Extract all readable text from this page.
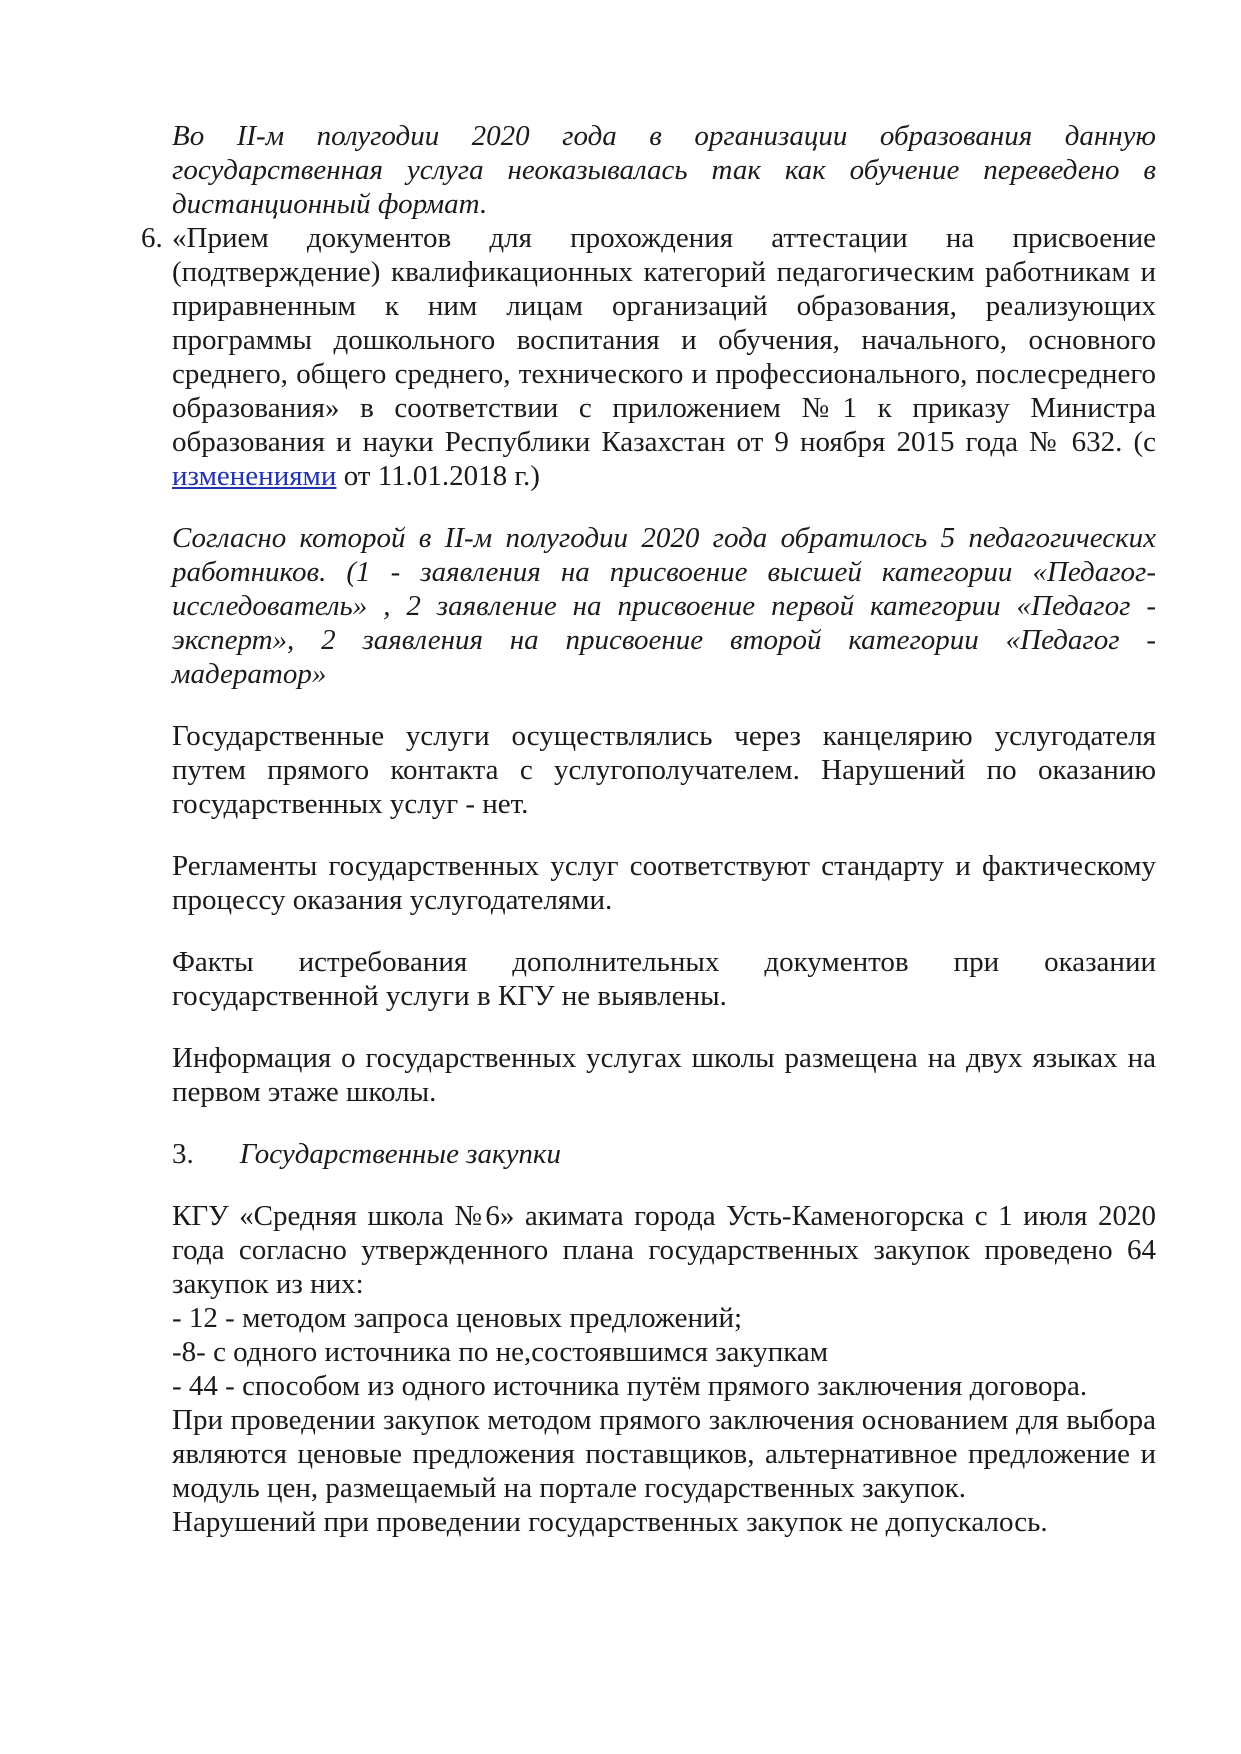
Во II-м полугодии 2020 года в организации образования данную государственная услуга неоказывалась так как обучение переведено в дистанционный формат.

6. «Прием документов для прохождения аттестации на присвоение (подтверждение) квалификационных категорий педагогическим работникам и приравненным к ним лицам организаций образования, реализующих программы дошкольного воспитания и обучения, начального, основного среднего, общего среднего, технического и профессионального, послесреднего образования» в соответствии с приложением №1 к приказу Министра образования и науки Республики Казахстан от 9 ноября 2015 года № 632. (с изменениями от 11.01.2018 г.)

Согласно которой в II-м полугодии 2020 года обратилось 5 педагогических работников. (1 - заявления на присвоение высшей категории «Педагог-исследователь» , 2 заявление на присвоение первой категории «Педагог - эксперт», 2 заявления на присвоение второй категории «Педагог - мадератор»

Государственные услуги осуществлялись через канцелярию услугодателя путем прямого контакта с услугополучателем. Нарушений по оказанию государственных услуг - нет.

Регламенты государственных услуг соответствуют стандарту и фактическому процессу оказания услугодателями.

Факты истребования дополнительных документов при оказании государственной услуги в КГУ не выявлены.

Информация о государственных услугах школы размещена на двух языках на первом этаже школы.

3. Государственные закупки

КГУ «Средняя школа №6» акимата города Усть-Каменогорска с 1 июля 2020 года согласно утвержденного плана государственных закупок проведено 64 закупок из них:

- 12 - методом запроса ценовых предложений;

-8- с одного источника по не,состоявшимся закупкам

- 44 - способом из одного источника путём прямого заключения договора.

При проведении закупок методом прямого заключения основанием для выбора являются ценовые предложения поставщиков, альтернативное предложение и модуль цен, размещаемый на портале государственных закупок.

Нарушений при проведении государственных закупок не допускалось.
